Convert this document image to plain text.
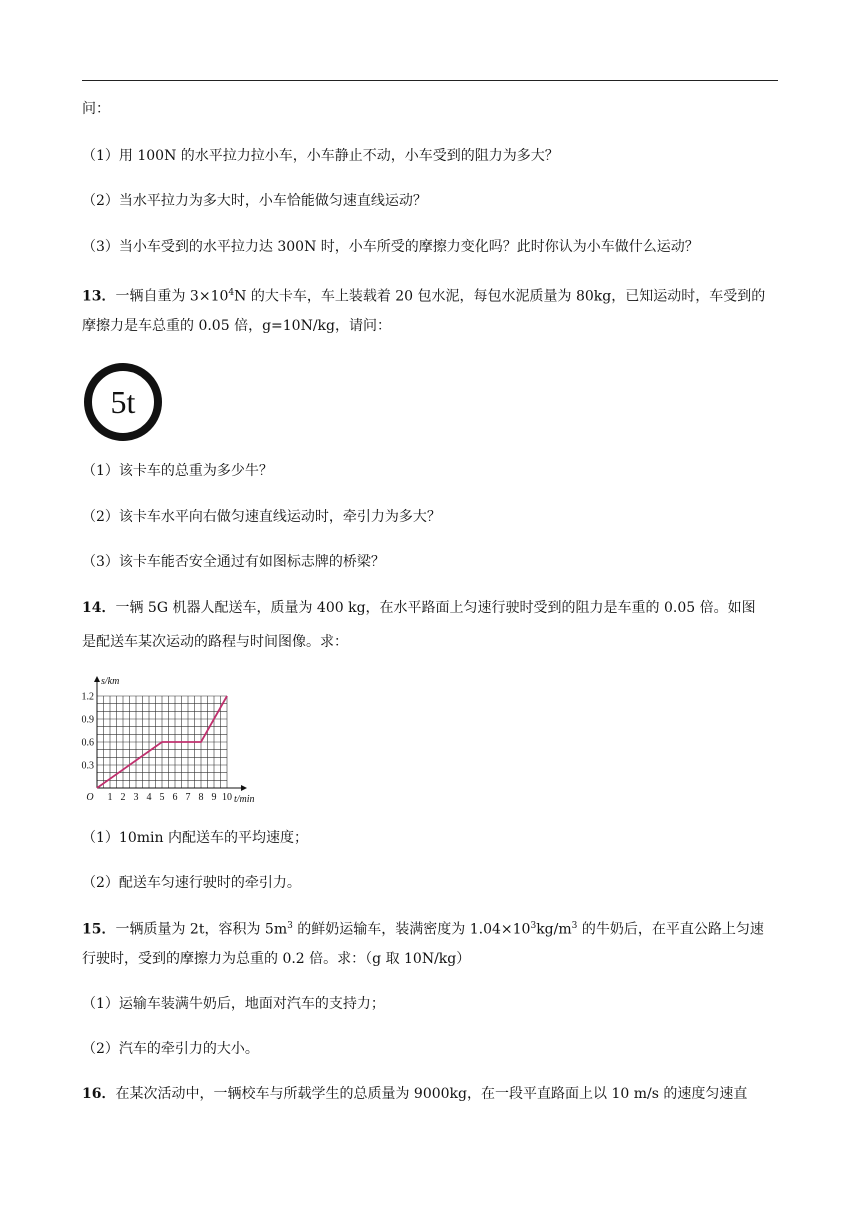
问：
（1）用 100N 的水平拉力拉小车，小车静止不动，小车受到的阻力为多大？
（2）当水平拉力为多大时，小车恰能做匀速直线运动？
（3）当小车受到的水平拉力达 300N 时，小车所受的摩擦力变化吗？此时你认为小车做什么运动？
13．一辆自重为 $3\times 10^4N$ 的大卡车，车上装载着 20 包水泥，每包水泥质量为 80kg，已知运动时，车受到的
摩擦力是车总重的 0.05 倍，g=10N/kg，请问：
5t
（1）该卡车的总重为多少牛？
（2）该卡车水平向右做匀速直线运动时，牵引力为多大？
（3）该卡车能否安全通过有如图标志牌的桥梁？
14．一辆 5G 机器人配送车，质量为 400 kg，在水平路面上匀速行驶时受到的阻力是车重的 0.05 倍。如图
是配送车某次运动的路程与时间图像。求：
1 2 3 4 5 6 7 8 9 10
0.3
0.6
0.9
1.2
O	t/min
s/km
（1）10min 内配送车的平均速度；
（2）配送车匀速行驶时的牵引力。
15．一辆质量为 2t，容积为 $5m^3$ 的鲜奶运输车，装满密度为 $1.04\times 10^3kg/m^3$ 的牛奶后，在平直公路上匀速
行驶时，受到的摩擦力为总重的 0.2 倍。求：（g 取 10N/kg）
（1）运输车装满牛奶后，地面对汽车的支持力；
（2）汽车的牵引力的大小。
16．在某次活动中，一辆校车与所载学生的总质量为 9000kg，在一段平直路面上以 10 m/s 的速度匀速直
